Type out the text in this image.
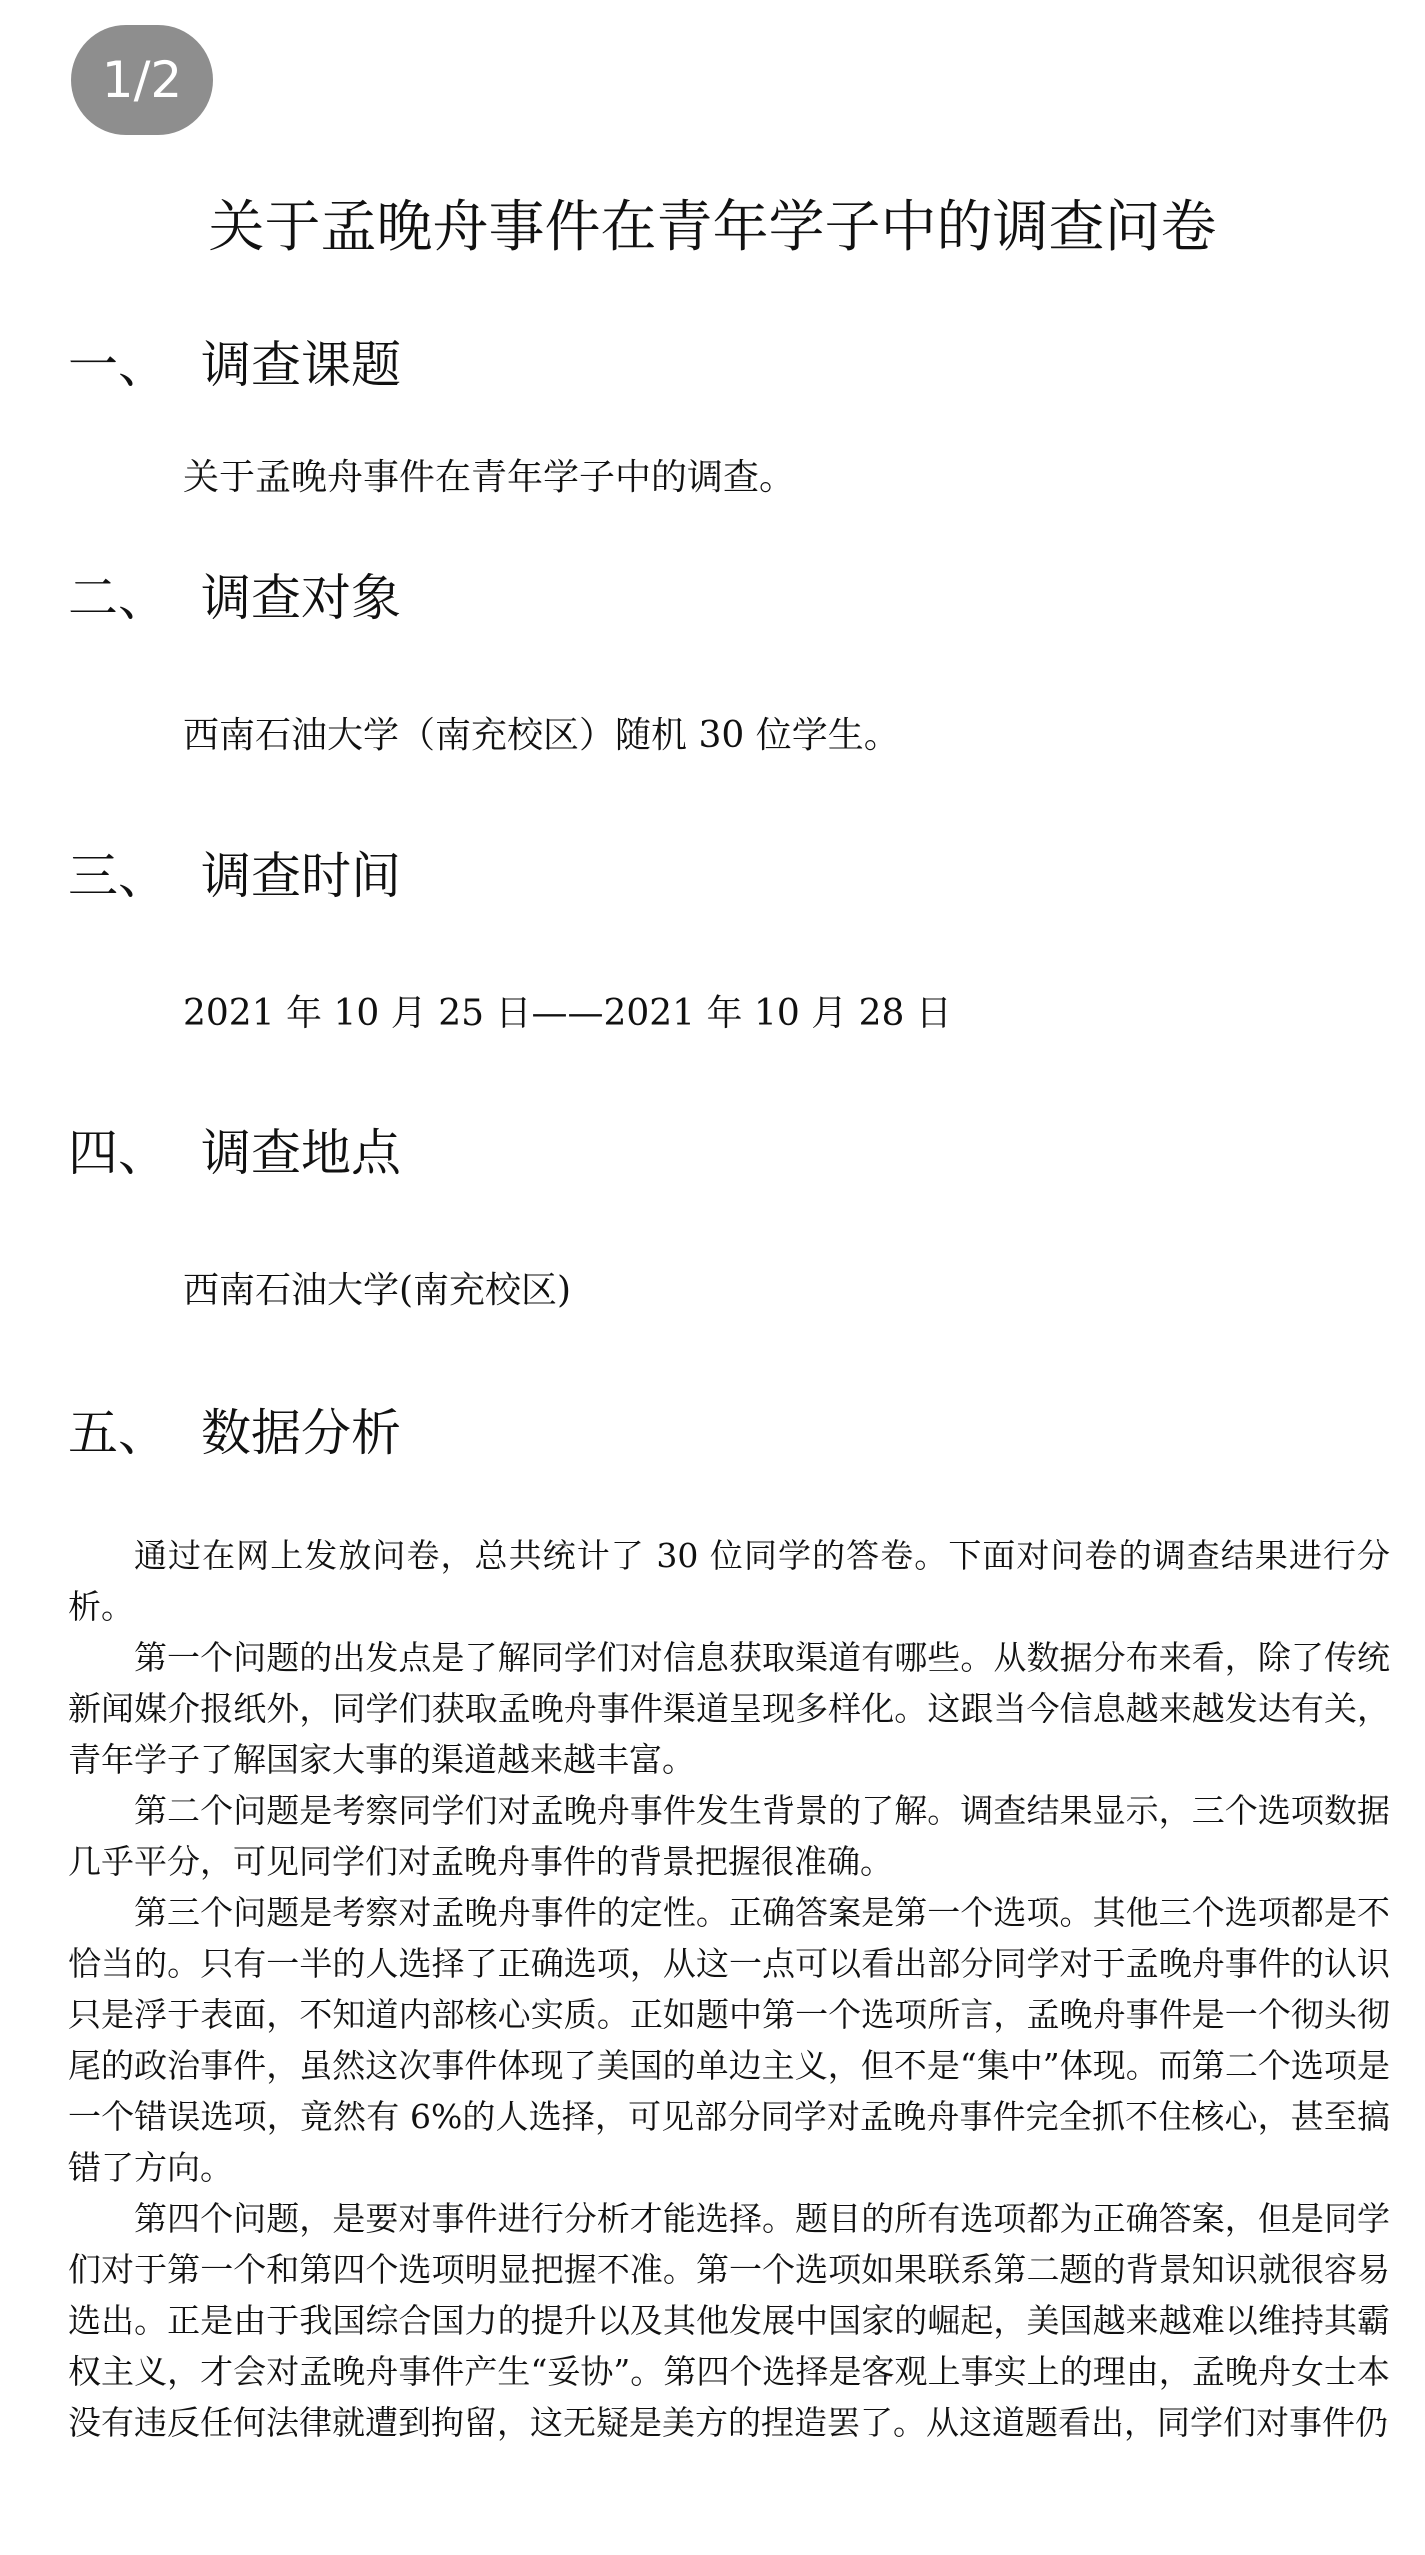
1/2
关于孟晚舟事件在青年学子中的调查问卷
一、 调查课题

关于孟晚舟事件在青年学子中的调查。

二、 调查对象

西南石油大学（南充校区）随机 30 位学生。

三、 调查时间

2021 年 10 月 25 日——2021 年 10 月 28 日

四、 调查地点

西南石油大学(南充校区)

五、 数据分析

通过在网上发放问卷，总共统计了 30 位同学的答卷。下面对问卷的调查结果进行分析。

第一个问题的出发点是了解同学们对信息获取渠道有哪些。从数据分布来看，除了传统新闻媒介报纸外，同学们获取孟晚舟事件渠道呈现多样化。这跟当今信息越来越发达有关，青年学子了解国家大事的渠道越来越丰富。

第二个问题是考察同学们对孟晚舟事件发生背景的了解。调查结果显示，三个选项数据几乎平分，可见同学们对孟晚舟事件的背景把握很准确。

第三个问题是考察对孟晚舟事件的定性。正确答案是第一个选项。其他三个选项都是不恰当的。只有一半的人选择了正确选项，从这一点可以看出部分同学对于孟晚舟事件的认识只是浮于表面，不知道内部核心实质。正如题中第一个选项所言，孟晚舟事件是一个彻头彻尾的政治事件，虽然这次事件体现了美国的单边主义，但不是“集中”体现。而第二个选项是一个错误选项，竟然有 6%的人选择，可见部分同学对孟晚舟事件完全抓不住核心，甚至搞错了方向。

第四个问题，是要对事件进行分析才能选择。题目的所有选项都为正确答案，但是同学们对于第一个和第四个选项明显把握不准。第一个选项如果联系第二题的背景知识就很容易选出。正是由于我国综合国力的提升以及其他发展中国家的崛起，美国越来越难以维持其霸权主义，才会对孟晚舟事件产生“妥协”。第四个选择是客观上事实上的理由，孟晚舟女士本没有违反任何法律就遭到拘留，这无疑是美方的捏造罢了。从这道题看出，同学们对事件仍
